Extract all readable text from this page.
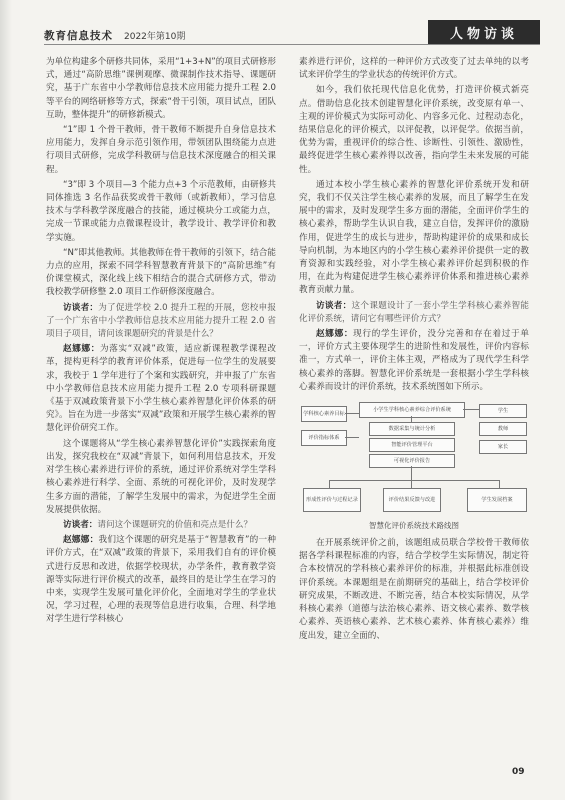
教育信息技术 2022年第10期	人物访谈

为单位构建多个研修共同体，采用“1+3+N”的项目式研修形式，通过“高阶思维”课例观摩、微课制作技术指导、课题研究，基于广东省中小学教师信息技术应用能力提升工程 2.0 等平台的网络研修等方式，探索“骨干引领，项目试点，团队互助，整体提升”的研修新模式。

“1”即 1 个骨干教师，骨干教师不断提升自身信息技术应用能力，发挥自身示范引领作用，带领团队围绕能力点进行项目式研修，完成学科教研与信息技术深度融合的相关课程。

“3”即 3 个项目—3 个能力点+3 个示范教师，由研修共同体推选 3 名作品获奖或骨干教师（或新教师），学习信息技术与学科教学深度融合的技能，通过模块分工或能力点，完成一节课或能力点微课程设计，教学设计、教学评价和教学实施。

“N”即其他教师。其他教师在骨干教师的引领下，结合能力点的应用，探索不同学科智慧教育背景下的“高阶思维”有价课堂模式，深化线上线下相结合的混合式研修方式，带动我校教学研修整 2.0 项目工作研修深度融合。

访谈者：为了促进学校 2.0 提升工程的开展，您校申报了一个广东省中小学教师信息技术应用能力提升工程 2.0 省项目子项目，请问该课题研究的背景是什么？

赵娜娜：为落实“双减”政策，适应新课程教学课程改革，提构更科学的教育评价体系，促进每一位学生的发展要求，我校于 1 学年进行了个案和实践研究，并申报了广东省中小学教师信息技术应用能力提升工程 2.0 专项科研课题《基于双减政策背景下小学生核心素养智慧化评价体系的研究》。旨在为进一步落实“双减”政策和开展学生核心素养的智慧化评价研究工作。

这个课题将从“学生核心素养智慧化评价”实践探索角度出发，探究我校在“双减”背景下，如何利用信息技术，开发对学生核心素养进行评价的系统，通过评价系统对学生学科核心素养进行科学、全面、系统的可视化评价，及时发现学生多方面的潜能，了解学生发展中的需求，为促进学生全面发展提供依据。

访谈者：请问这个课题研究的价值和亮点是什么？

赵娜娜：我们这个课题的研究是基于“智慧教育”的一种评价方式，在“双减”政策的背景下，采用我们自有的评价模式进行反思和改进，依据学校现状，办学条件，教育教学资源等实际进行评价模式的改革，最终目的是让学生在学习的中来，实现学生发展可量化评价化，全面地对学生的学业状况，学习过程，心理的表现等信息进行收集，合理、科学地对学生进行学科核心

素养进行评价，这样的一种评价方式改变了过去单纯的以考试来评价学生的学业状态的传统评价方式。

如今，我们依托现代信息化优势，打造评价模式新亮点。借助信息化技术创建智慧化评价系统，改变原有单一、主观的评价模式为实际可动化、内容多元化、过程动态化，结果信息化的评价模式，以评促教，以评促学。依据当前，优势为需，重视评价的综合性、诊断性、引领性、激励性，最终促进学生核心素养得以改善，指向学生未来发展的可能性。

通过本校小学生核心素养的智慧化评价系统开发和研究，我们不仅关注学生核心素养的发展，而且了解学生在发展中的需求，及时发现学生多方面的潜能，全面评价学生的核心素养，帮助学生认识自我，建立自信，发挥评价的激励作用，促进学生的成长与进步，帮助构建评价的成果和成长导向机制，为本地区内的小学生核心素养评价提供一定的教育资源和实践经验，对小学生核心素养评价起到积极的作用，在此为构建促进学生核心素养评价体系和推进核心素养教育贡献力量。

访谈者：这个课题设计了一套小学生学科核心素养智能化评价系统，请问它有哪些评价方式？

赵娜娜：现行的学生评价，没分完善和存在着过于单一，评价方式主要体现学生的进阶性和发展性，评价内容标准一，方式单一，评价主体主观，严格成为了现代学生科学核心素养的落脚。智慧化评价系统是一套根据小学生学科核心素养而设计的评价系统，技术系统图如下所示。

学科核心素养目标
评价指标体系
小学生学科核心素养综合评价系统
数据采集与统计分析
智能评价管理平台
可视化评价报告
学生
教师
家长
形成性评价与过程记录	评价结果反馈与改进	学生发展档案
智慧化评价系统技术路线图

在开展系统评价之前，该题组成员联合学校骨干教师依据各学科课程标准的内容，结合学校学生实际情况，制定符合本校情况的学科核心素养评价的标准，并根据此标准创设评价系统。本课题组是在前期研究的基础上，结合学校评价研究成果，不断改进、不断完善，结合本校实际情况，从学科核心素养（道德与法治核心素养、语文核心素养、数学核心素养、英语核心素养、艺术核心素养、体育核心素养）维度出发，建立全面的、

09
